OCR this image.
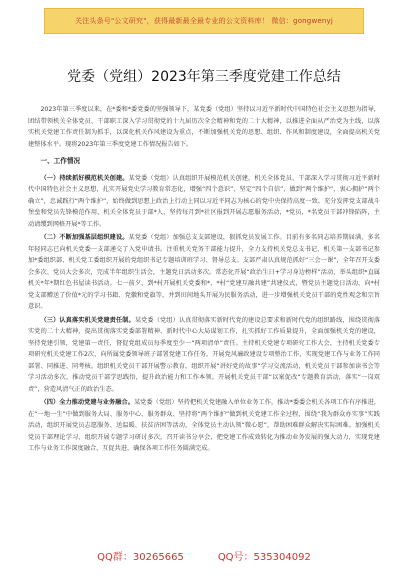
关注头条号"公文研究"，获得最新最全最专业的公文资料库！ 微信：gongwenyj
党委（党组）2023年第三季度党建工作总结

2023年第三季度以来，在*委和*委党委的坚强领导下，某党委（党组）坚持以习近平新时代中国特色社会主义思想为指导，团结带领机关全体党员、干部职工深入学习贯彻党的十九届历次全会精神和党的二十大精神，以推进全面从严治党为主线，以落实机关党建工作责任制为抓手，以深化机关作风建设为重点，不断加强机关党的思想、组织、作风和制度建设，全面提高机关党建整体水平。现将2023年第三季度党建工作情况报告如下。

一、工作情况

（一）持续抓好模范机关创建。某党委（党组）认真组织开展模范机关创建，机关全体党员、干部深入学习贯彻习近平新时代中国特色社会主义思想，扎实开展党史学习教育常态化，增强“四个意识”、坚定“四个自信”、做到“两个维护”，衷心拥护“两个确立”，忠诚践行“两个维护”，始终做到思想上政治上行动上同以习近平同志为核心的党中央保持高度一致。充分发挥党支部战斗堡垒和党员先锋模范作用，机关全体党员于部*人，坚持每月到*社区报到开展志愿服务活动，*党员，*名党员干部冲锋陷阵，主动请缨到网格开展*等工作。

（二）不断加强基层组织建设。某党委（党组）加强总支支部建设，狠抓党员发展工作。目前有多名同志培养期届满，多名年轻同志已向机关党委一支部递交了入党申请书。注重机关党务干部能力提升，全力支持机关党总支书记、机关第一支部书记参加*委组织部、机关党工委组织开展的党组织书记专题培训班学习、督导总支。支部严肃认真规范抓好“三会一课”，全年召开支委会多次、党员大会多次，完成半年组织生活会，主题党日活动多次。常态化开展“政治生日+学习身边榜样”活动，举头组织*直属机关*年*期红色书屋读书活动。七一前夕，到*村开展机关党委和*、*村“党建互融共建”共建仪式，暨党员主题党日活动，向*村党支部赠送了价值*元的学习书籍、党徽和党旗等，并到田间地头开展为民服务活动，进一步增强机关党员干部的党性观念和宗旨意识。

（三）认真落实机关党建责任制。某党委（党组）认真贯彻落实新时代党的建设总要求和新时代党的组织路线，围绕贯彻落实党的二十大精神，提出贯彻落实党委部署精神、新时代中心大局谋划工作，扎实抓好工作质量提升，全面加强机关党的建设，坚持党建引领，党建第一责任，督促党组成员每季度至少一“两项清单”责任。主持机关党建专项研究工作大会，主持机关党委专项研究机关党建工作2次，向所属党委领导班子部署党建工作任务，开展党风廉政建设专项整治工作，实现党建工作与业务工作同部署、同推进、同考核。组织机关党员干部开展警示教育，组织开展“讲好党的故事”学习交流活动，机关党员干部参加读书会等学习活动多次，推动党员干部学思践悟，提升政治能力和工作本领。开展机关党员干部“以案促改”专题教育活动，落实“一岗双责”，营造风清气正的政治生态。

（四）全力推动党建与业务融合。某党委（党组）坚持把机关党建融入单位业务工作，推动*委委会机关各项工作有序推进，在“一地一生”中做到服务大局、服务中心、服务群众、坚持将“两个维护”做到机关党建工作全过程，围绕“我为群众办实事”实践活动，组织开展党员志愿服务、送温暖、扶贫济困等活动，全体党员主动认领“微心愿”，帮助困难群众解决实际困难。加强机关党员干部理论学习，组织开展专题学习研讨多次，召开读书分享会，把党建工作成效转化为推动业务发展的强大动力，实现党建工作与业务工作深度融合、互促共进，确保各项工作任务圆满完成。

QQ群：30265665	QQ号：535304092
